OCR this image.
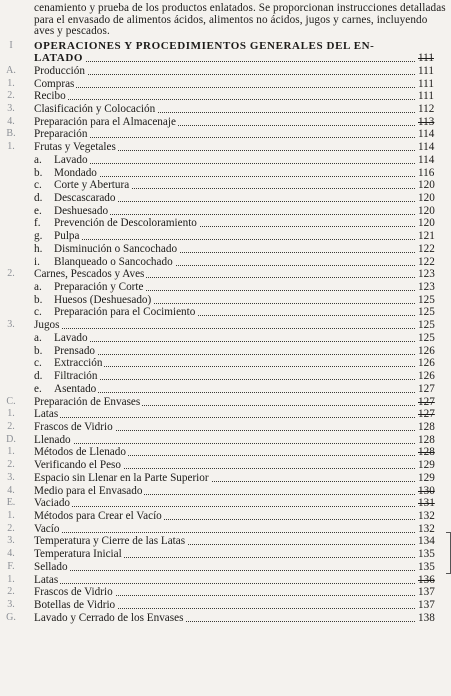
cenamiento y prueba de los productos enlatados. Se proporcionan instrucciones detalladas para el envasado de alimentos ácidos, alimentos no ácidos, jugos y carnes, incluyendo aves y pescados.
I	OPERACIONES Y PROCEDIMIENTOS GENERALES DEL EN-
LATADO	111
A.	Producción	111
1.	Compras	111
2.	Recibo	111
3.	Clasificación y Colocación	112
4.	Preparación para el Almacenaje	113
B.	Preparación	114
1.	Frutas y Vegetales	114
a. Lavado	114
b. Mondado	116
c. Corte y Abertura	120
d. Descascarado	120
e. Deshuesado	120
f. Prevención de Descoloramiento	120
g. Pulpa	121
h. Disminución o Sancochado	122
i. Blanqueado o Sancochado	122
2.	Carnes, Pescados y Aves	123
a. Preparación y Corte	123
b. Huesos (Deshuesado)	125
c. Preparación para el Cocimiento	125
3.	Jugos	125
a. Lavado	125
b. Prensado	126
c. Extracción	126
d. Filtración	126
e. Asentado	127
C.	Preparación de Envases	127
1.	Latas	127
2.	Frascos de Vidrio	128
D.	Llenado	128
1.	Métodos de Llenado	128
2.	Verificando el Peso	129
3.	Espacio sin Llenar en la Parte Superior	129
4.	Medio para el Envasado	130
E.	Vaciado	131
1.	Métodos para Crear el Vacío	132
2.	Vacío	132
3.	Temperatura y Cierre de las Latas	134
4.	Temperatura Inicial	135
F.	Sellado	135
1.	Latas	136
2.	Frascos de Vidrio	137
3.	Botellas de Vidrio	137
G.	Lavado y Cerrado de los Envases	138
